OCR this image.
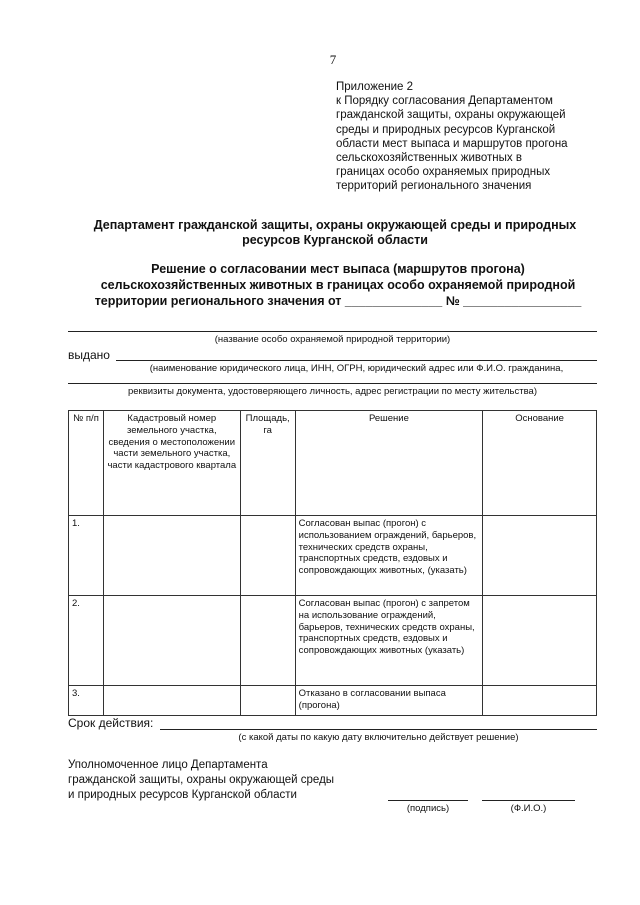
7
Приложение 2
к Порядку согласования Департаментом
гражданской защиты, охраны окружающей
среды и природных ресурсов Курганской
области мест выпаса и маршрутов прогона
сельскохозяйственных животных в
границах особо охраняемых природных
территорий регионального значения
Департамент гражданской защиты, охраны окружающей среды и природных
ресурсов Курганской области
Решение о согласовании мест выпаса (маршрутов прогона)
сельскохозяйственных животных в границах особо охраняемой природной
территории регионального значения от ______________ № _________________
(название особо охраняемой природной территории)
выдано
(наименование юридического лица, ИНН, ОГРН, юридический адрес или Ф.И.О. гражданина,
реквизиты документа, удостоверяющего личность, адрес регистрации по месту жительства)
№ п/п	Кадастровый номер земельного участка, сведения о местоположении части земельного участка, части кадастрового квартала	Площадь, га	Решение	Основание
1.			Согласован выпас (прогон) с использованием ограждений, барьеров, технических средств охраны, транспортных средств, ездовых и сопровождающих животных, (указать)	
2.			Согласован выпас (прогон) с запретом на использование ограждений, барьеров, технических средств охраны, транспортных средств, ездовых и сопровождающих животных (указать)	
3.			Отказано в согласовании выпаса (прогона)	
Срок действия:
(с какой даты по какую дату включительно действует решение)
Уполномоченное лицо Департамента
гражданской защиты, охраны окружающей среды
и природных ресурсов Курганской области
(подпись)	(Ф.И.О.)
